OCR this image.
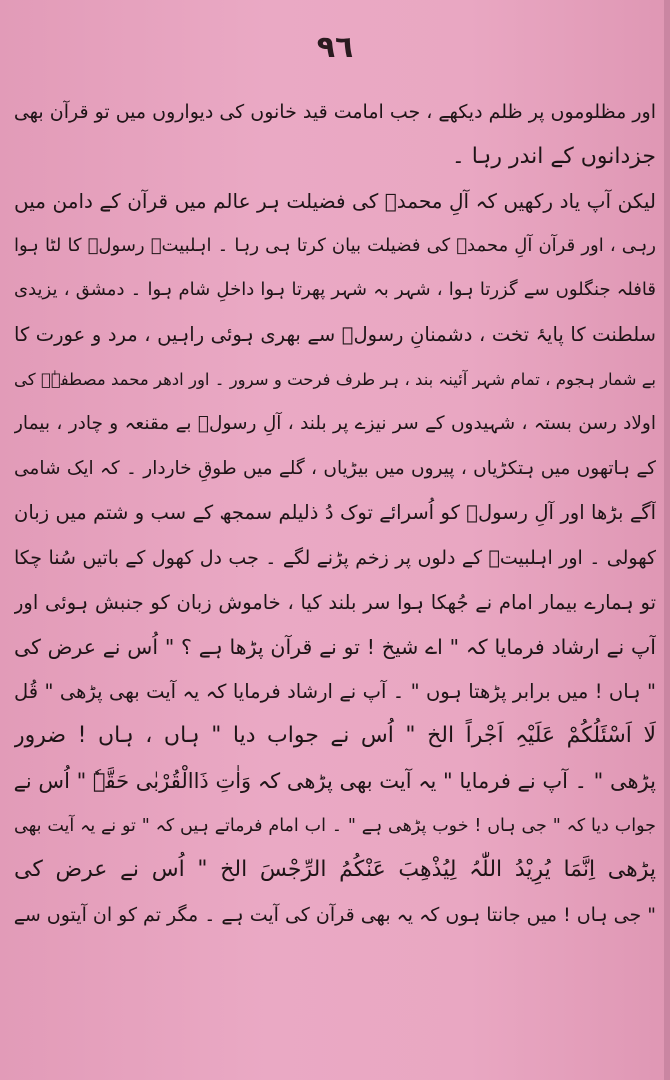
٩٦
اور مظلوموں پر ظلم دیکھے ، جب امامت قید خانوں کی دیواروں میں تو قرآن بھی
جزدانوں کے اندر رہا ۔
لیکن آپ یاد رکھیں کہ آلِ محمدؐ کی فضیلت ہر عالم میں قرآن کے دامن میں
رہی ، اور قرآن آلِ محمدؐ کی فضیلت بیان کرتا ہی رہا ۔ اہلبیتؑ رسولؐ کا لٹا ہوا
قافلہ جنگلوں سے گزرتا ہوا ، شہر بہ شہر پھرتا ہوا داخلِ شام ہوا ۔ دمشق ، یزیدی
سلطنت کا پایۂ تخت ، دشمنانِ رسولؐ سے بھری ہوئی راہیں ، مرد و عورت کا
بے شمار ہجوم ، تمام شہر آئینہ بند ، ہر طرف فرحت و سرور ۔ اور ادھر محمد مصطفےٰؐ کی
اولاد رسن بستہ ، شہیدوں کے سر نیزے پر بلند ، آلِ رسولؐ بے مقنعہ و چادر ، بیمار
کے ہاتھوں میں ہتکڑیاں ، پیروں میں بیڑیاں ، گلے میں طوقِ خاردار ۔ کہ ایک شامی
آگے بڑھا اور آلِ رسولؐ کو اُسرائے توک دُ ذلیلم سمجھ کے سب و شتم میں زبان
کھولی ۔ اور اہلبیتؑ کے دلوں پر زخم پڑنے لگے ۔ جب دل کھول کے باتیں سُنا چکا
تو ہمارے بیمار امام نے جُھکا ہوا سر بلند کیا ، خاموش زبان کو جنبش ہوئی اور
آپ نے ارشاد فرمایا کہ " اے شیخ ! تو نے قرآن پڑھا ہے ؟ " اُس نے عرض کی
" ہاں ! میں برابر پڑھتا ہوں " ۔ آپ نے ارشاد فرمایا کہ یہ آیت بھی پڑھی " قُل
لَا اَسْئَلُکُمْ عَلَیْہِ اَجْراً الخ " اُس نے جواب دیا " ہاں ، ہاں ! ضرور
پڑھی " ۔ آپ نے فرمایا " یہ آیت بھی پڑھی کہ وَاٰتِ ذَاالْقُرْبٰی حَقَّہٗ " اُس نے
جواب دیا کہ " جی ہاں ! خوب پڑھی ہے " ۔ اب امام فرماتے ہیں کہ " تو نے یہ آیت بھی
پڑھی اِنَّمَا یُرِیْدُ اللّٰہُ لِیُذْھِبَ عَنْکُمُ الرِّجْسَ الخ " اُس نے عرض کی
" جی ہاں ! میں جانتا ہوں کہ یہ بھی قرآن کی آیت ہے ۔ مگر تم کو ان آیتوں سے
